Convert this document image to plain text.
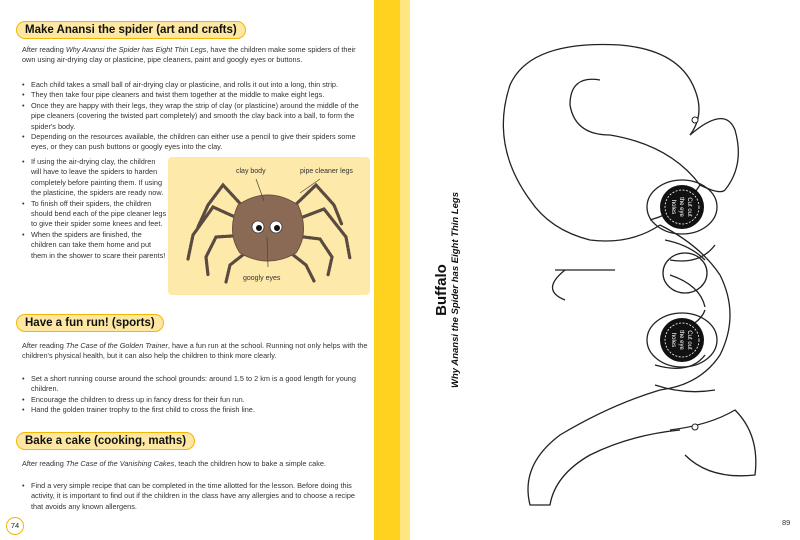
Make Anansi the spider (art and crafts)
After reading Why Anansi the Spider has Eight Thin Legs, have the children make some spiders of their own using air-drying clay or plasticine, pipe cleaners, paint and googly eyes or buttons.
• Each child takes a small ball of air-drying clay or plasticine, and rolls it out into a long, thin strip.
• They then take four pipe cleaners and twist them together at the middle to make eight legs.
• Once they are happy with their legs, they wrap the strip of clay (or plasticine) around the middle of the pipe cleaners (covering the twisted part completely) and smooth the clay back into a ball, to form the spider's body.
• Depending on the resources available, the children can either use a pencil to give their spiders some eyes, or they can push buttons or googly eyes into the clay.
• If using the air-drying clay, the children will have to leave the spiders to harden completely before painting them. If using the plasticine, the spiders are ready now.
• To finish off their spiders, the children should bend each of the pipe cleaner legs to give their spider some knees and feet.
• When the spiders are finished, the children can take them home and put them in the shower to scare their parents!
clay body	pipe cleaner legs
googly eyes
Have a fun run! (sports)
After reading The Case of the Golden Trainer, have a fun run at the school. Running not only helps with the children's physical health, but it can also help the children to think more clearly.
• Set a short running course around the school grounds: around 1.5 to 2 km is a good length for young children.
• Encourage the children to dress up in fancy dress for their fun run.
• Hand the golden trainer trophy to the first child to cross the finish line.
Bake a cake (cooking, maths)
After reading The Case of the Vanishing Cakes, teach the children how to bake a simple cake.
• Find a very simple recipe that can be completed in the time allotted for the lesson. Before doing this activity, it is important to find out if the children in the class have any allergies and to choose a recipe that avoids any known allergens.
74	89
Buffalo Why Anansi the Spider has Eight Thin Legs	Cut out
the eye
holes
Cut out
the eye
holes
